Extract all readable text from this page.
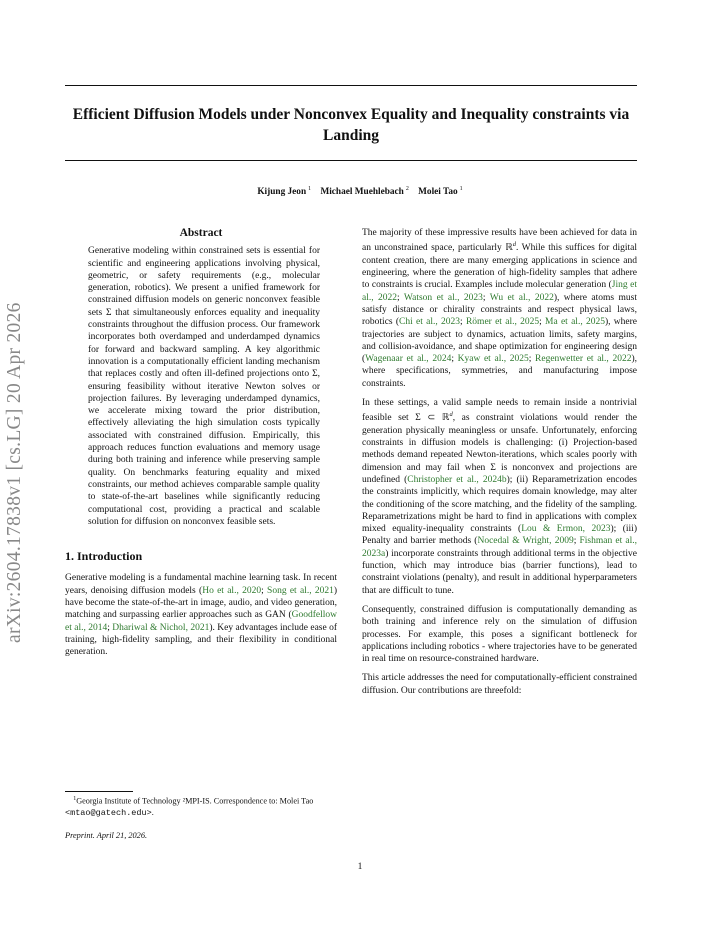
Efficient Diffusion Models under Nonconvex Equality and Inequality constraints via Landing
Kijung Jeon $^1$ Michael Muehlebach $^2$ Molei Tao $^1$
arXiv:2604.17838v1 [cs.LG] 20 Apr 2026
Abstract
Generative modeling within constrained sets is essential for scientific and engineering applications involving physical, geometric, or safety requirements (e.g., molecular generation, robotics). We present a unified framework for constrained diffusion models on generic nonconvex feasible sets Σ that simultaneously enforces equality and inequality constraints throughout the diffusion process. Our framework incorporates both overdamped and underdamped dynamics for forward and backward sampling. A key algorithmic innovation is a computationally efficient landing mechanism that replaces costly and often ill-defined projections onto Σ, ensuring feasibility without iterative Newton solves or projection failures. By leveraging underdamped dynamics, we accelerate mixing toward the prior distribution, effectively alleviating the high simulation costs typically associated with constrained diffusion. Empirically, this approach reduces function evaluations and memory usage during both training and inference while preserving sample quality. On benchmarks featuring equality and mixed constraints, our method achieves comparable sample quality to state-of-the-art baselines while significantly reducing computational cost, providing a practical and scalable solution for diffusion on nonconvex feasible sets.
1. Introduction

Generative modeling is a fundamental machine learning task. In recent years, denoising diffusion models (Ho et al., 2020; Song et al., 2021) have become the state-of-the-art in image, audio, and video generation, matching and surpassing earlier approaches such as GAN (Goodfellow et al., 2014; Dhariwal & Nichol, 2021). Key advantages include ease of training, high-fidelity sampling, and their flexibility in conditional generation.

$^1$Georgia Institute of Technology ²MPI-IS. Correspondence to: Molei Tao <mtao@gatech.edu>.
Preprint. April 21, 2026.

The majority of these impressive results have been achieved for data in an unconstrained space, particularly ℝ$^d$. While this suffices for digital content creation, there are many emerging applications in science and engineering, where the generation of high-fidelity samples that adhere to constraints is crucial. Examples include molecular generation (Jing et al., 2022; Watson et al., 2023; Wu et al., 2022), where atoms must satisfy distance or chirality constraints and respect physical laws, robotics (Chi et al., 2023; Römer et al., 2025; Ma et al., 2025), where trajectories are subject to dynamics, actuation limits, safety margins, and collision-avoidance, and shape optimization for engineering design (Wagenaar et al., 2024; Kyaw et al., 2025; Regenwetter et al., 2022), where specifications, symmetries, and manufacturing impose constraints.

In these settings, a valid sample needs to remain inside a nontrivial feasible set Σ ⊂ ℝ$^d$, as constraint violations would render the generation physically meaningless or unsafe. Unfortunately, enforcing constraints in diffusion models is challenging: (i) Projection-based methods demand repeated Newton-iterations, which scales poorly with dimension and may fail when Σ is nonconvex and projections are undefined (Christopher et al., 2024b); (ii) Reparametrization encodes the constraints implicitly, which requires domain knowledge, may alter the conditioning of the score matching, and the fidelity of the sampling. Reparametrizations might be hard to find in applications with complex mixed equality-inequality constraints (Lou & Ermon, 2023); (iii) Penalty and barrier methods (Nocedal & Wright, 2009; Fishman et al., 2023a) incorporate constraints through additional terms in the objective function, which may introduce bias (barrier functions), lead to constraint violations (penalty), and result in additional hyperparameters that are difficult to tune.

Consequently, constrained diffusion is computationally demanding as both training and inference rely on the simulation of diffusion processes. For example, this poses a significant bottleneck for applications including robotics - where trajectories have to be generated in real time on resource-constrained hardware.

This article addresses the need for computationally-efficient constrained diffusion. Our contributions are threefold:

1
